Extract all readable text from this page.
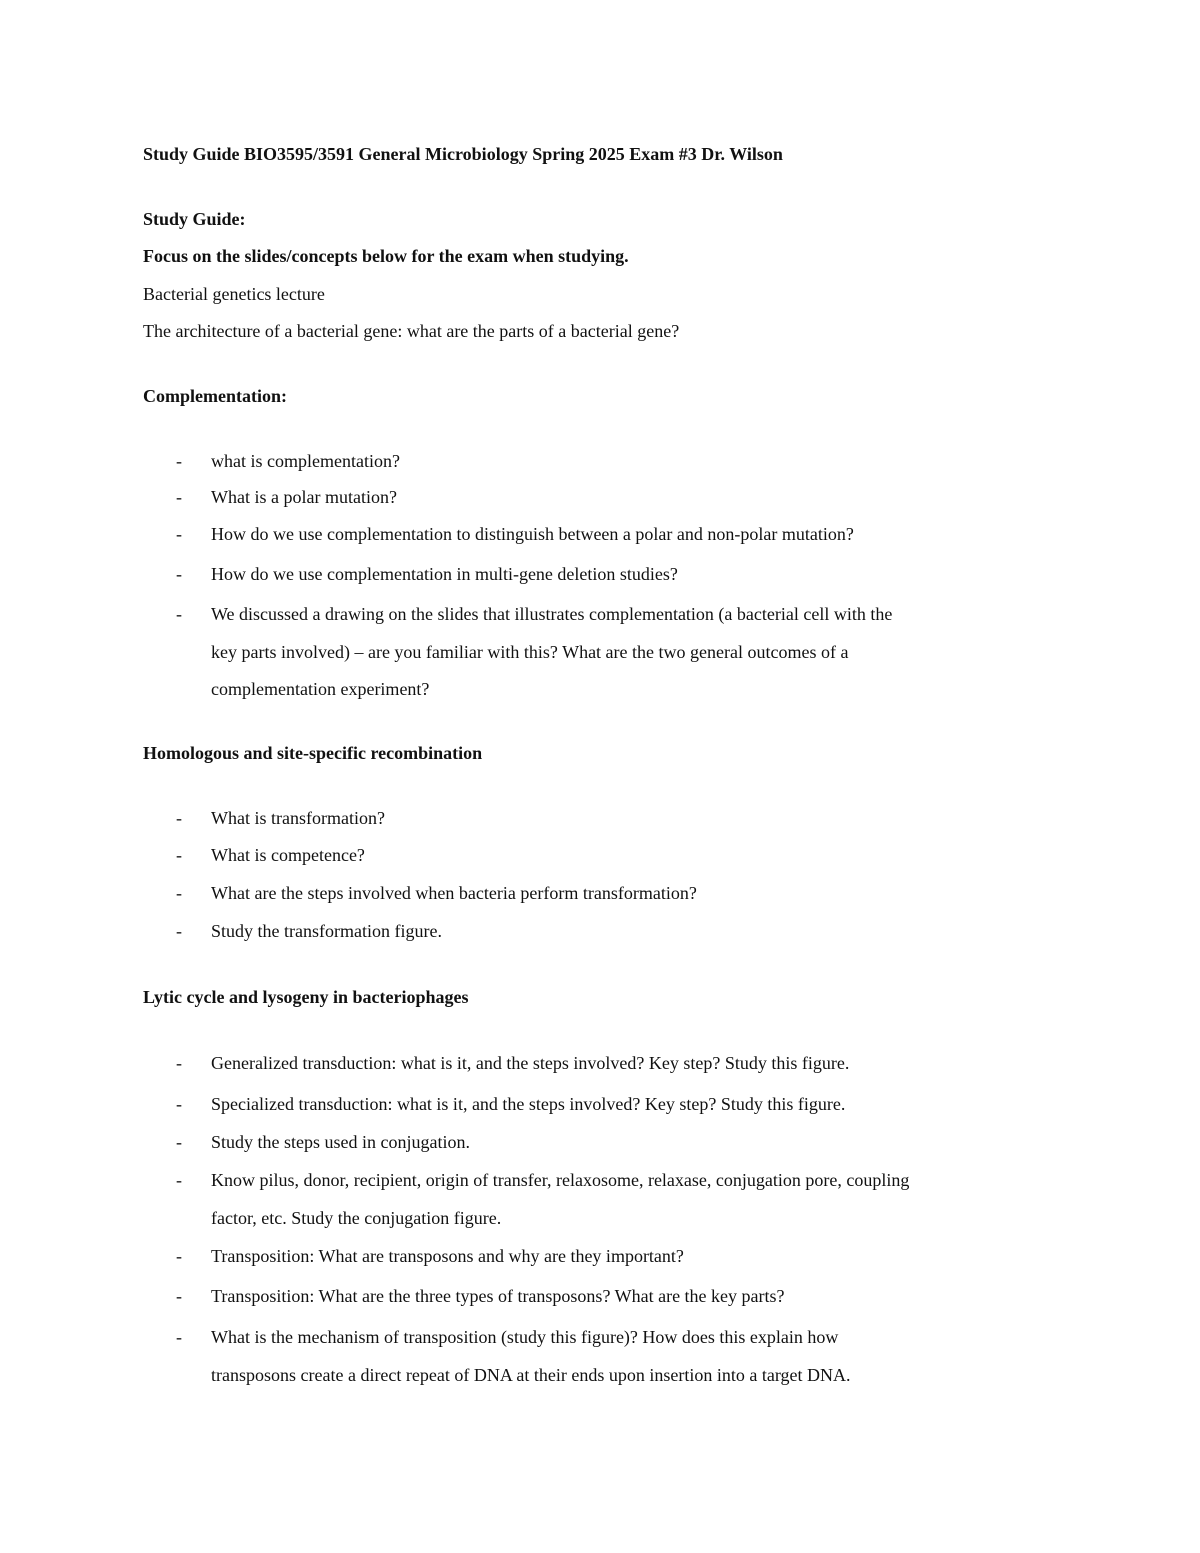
Study Guide BIO3595/3591 General Microbiology Spring 2025 Exam #3 Dr. Wilson
Study Guide:
Focus on the slides/concepts below for the exam when studying.
Bacterial genetics lecture
The architecture of a bacterial gene: what are the parts of a bacterial gene?
Complementation:
- what is complementation?
- What is a polar mutation?
- How do we use complementation to distinguish between a polar and non-polar mutation?
- How do we use complementation in multi-gene deletion studies?
- We discussed a drawing on the slides that illustrates complementation (a bacterial cell with the
key parts involved) – are you familiar with this? What are the two general outcomes of a
complementation experiment?
Homologous and site-specific recombination
- What is transformation?
- What is competence?
- What are the steps involved when bacteria perform transformation?
- Study the transformation figure.
Lytic cycle and lysogeny in bacteriophages
- Generalized transduction: what is it, and the steps involved? Key step? Study this figure.
- Specialized transduction: what is it, and the steps involved? Key step? Study this figure.
- Study the steps used in conjugation.
- Know pilus, donor, recipient, origin of transfer, relaxosome, relaxase, conjugation pore, coupling
factor, etc. Study the conjugation figure.
- Transposition: What are transposons and why are they important?
- Transposition: What are the three types of transposons? What are the key parts?
- What is the mechanism of transposition (study this figure)? How does this explain how
transposons create a direct repeat of DNA at their ends upon insertion into a target DNA.
